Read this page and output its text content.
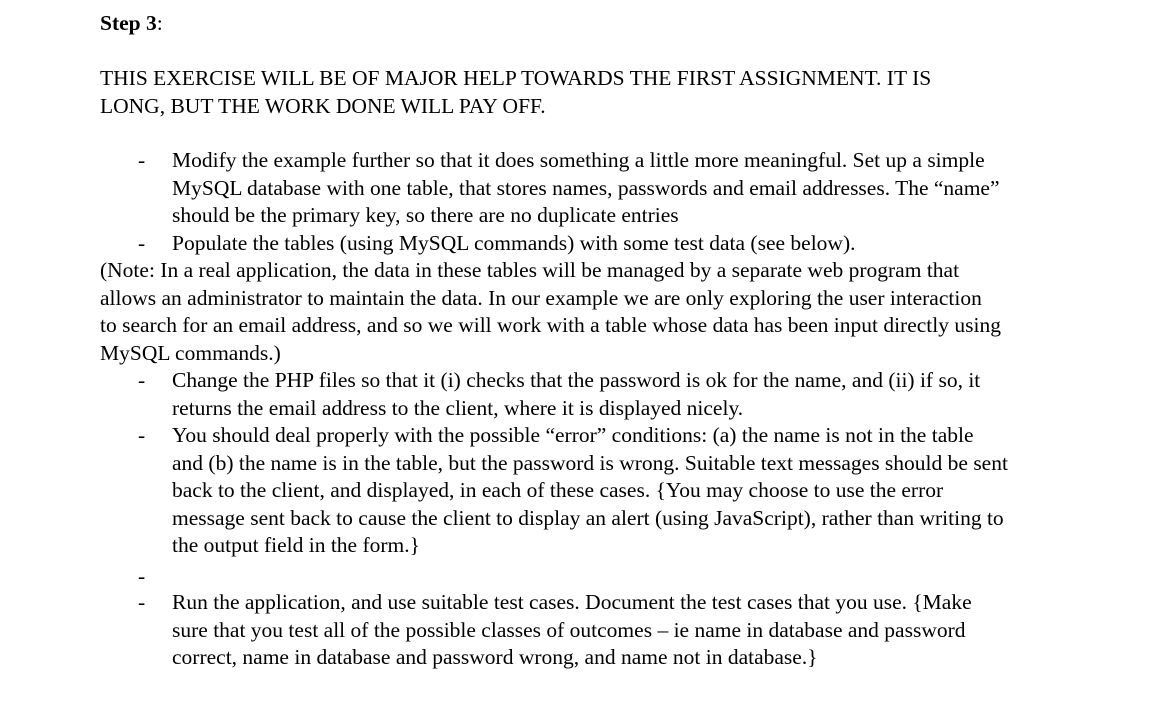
Step 3:
THIS EXERCISE WILL BE OF MAJOR HELP TOWARDS THE FIRST ASSIGNMENT. IT IS
LONG, BUT THE WORK DONE WILL PAY OFF.
- Modify the example further so that it does something a little more meaningful. Set up a simple
MySQL database with one table, that stores names, passwords and email addresses. The “name”
should be the primary key, so there are no duplicate entries
- Populate the tables (using MySQL commands) with some test data (see below).
(Note: In a real application, the data in these tables will be managed by a separate web program that
allows an administrator to maintain the data. In our example we are only exploring the user interaction
to search for an email address, and so we will work with a table whose data has been input directly using
MySQL commands.)
- Change the PHP files so that it (i) checks that the password is ok for the name, and (ii) if so, it
returns the email address to the client, where it is displayed nicely.
- You should deal properly with the possible “error” conditions: (a) the name is not in the table
and (b) the name is in the table, but the password is wrong. Suitable text messages should be sent
back to the client, and displayed, in each of these cases. {You may choose to use the error
message sent back to cause the client to display an alert (using JavaScript), rather than writing to
the output field in the form.}
-
- Run the application, and use suitable test cases. Document the test cases that you use. {Make
sure that you test all of the possible classes of outcomes – ie name in database and password
correct, name in database and password wrong, and name not in database.}
